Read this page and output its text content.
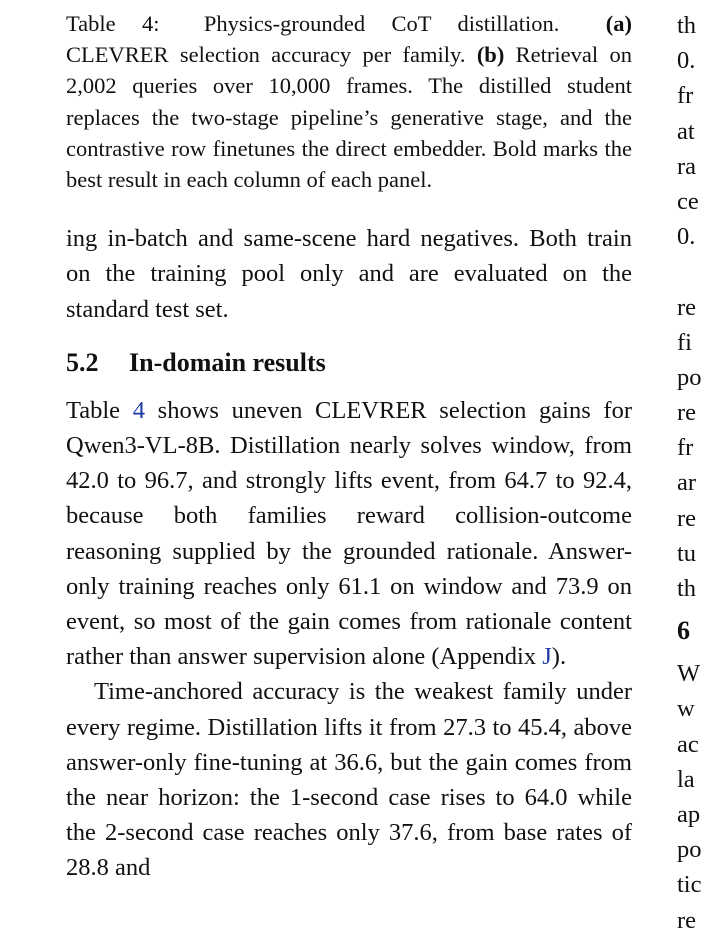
Table 4: Physics-grounded CoT distillation. (a) CLEVRER selection accuracy per family. (b) Retrieval on 2,002 queries over 10,000 frames. The distilled student replaces the two-stage pipeline’s generative stage, and the contrastive row finetunes the direct embedder. Bold marks the best result in each column of each panel.

ing in-batch and same-scene hard negatives. Both train on the training pool only and are evaluated on the standard test set.

5.2 In-domain results

Table 4 shows uneven CLEVRER selection gains for Qwen3-VL-8B. Distillation nearly solves window, from 42.0 to 96.7, and strongly lifts event, from 64.7 to 92.4, because both families reward collision-outcome reasoning supplied by the grounded rationale. Answer-only training reaches only 61.1 on window and 73.9 on event, so most of the gain comes from rationale content rather than answer supervision alone (Appendix J).

Time-anchored accuracy is the weakest family under every regime. Distillation lifts it from 27.3 to 45.4, above answer-only fine-tuning at 36.6, but the gain comes from the near horizon: the 1-second case rises to 64.0 while the 2-second case reaches only 37.6, from base rates of 28.8 and

th
0.
fr
at
ra
ce
0.
re
fi
po
re
fr
ar
re
tu
th
6
W
w
ac
la
ap
po
tic
re
